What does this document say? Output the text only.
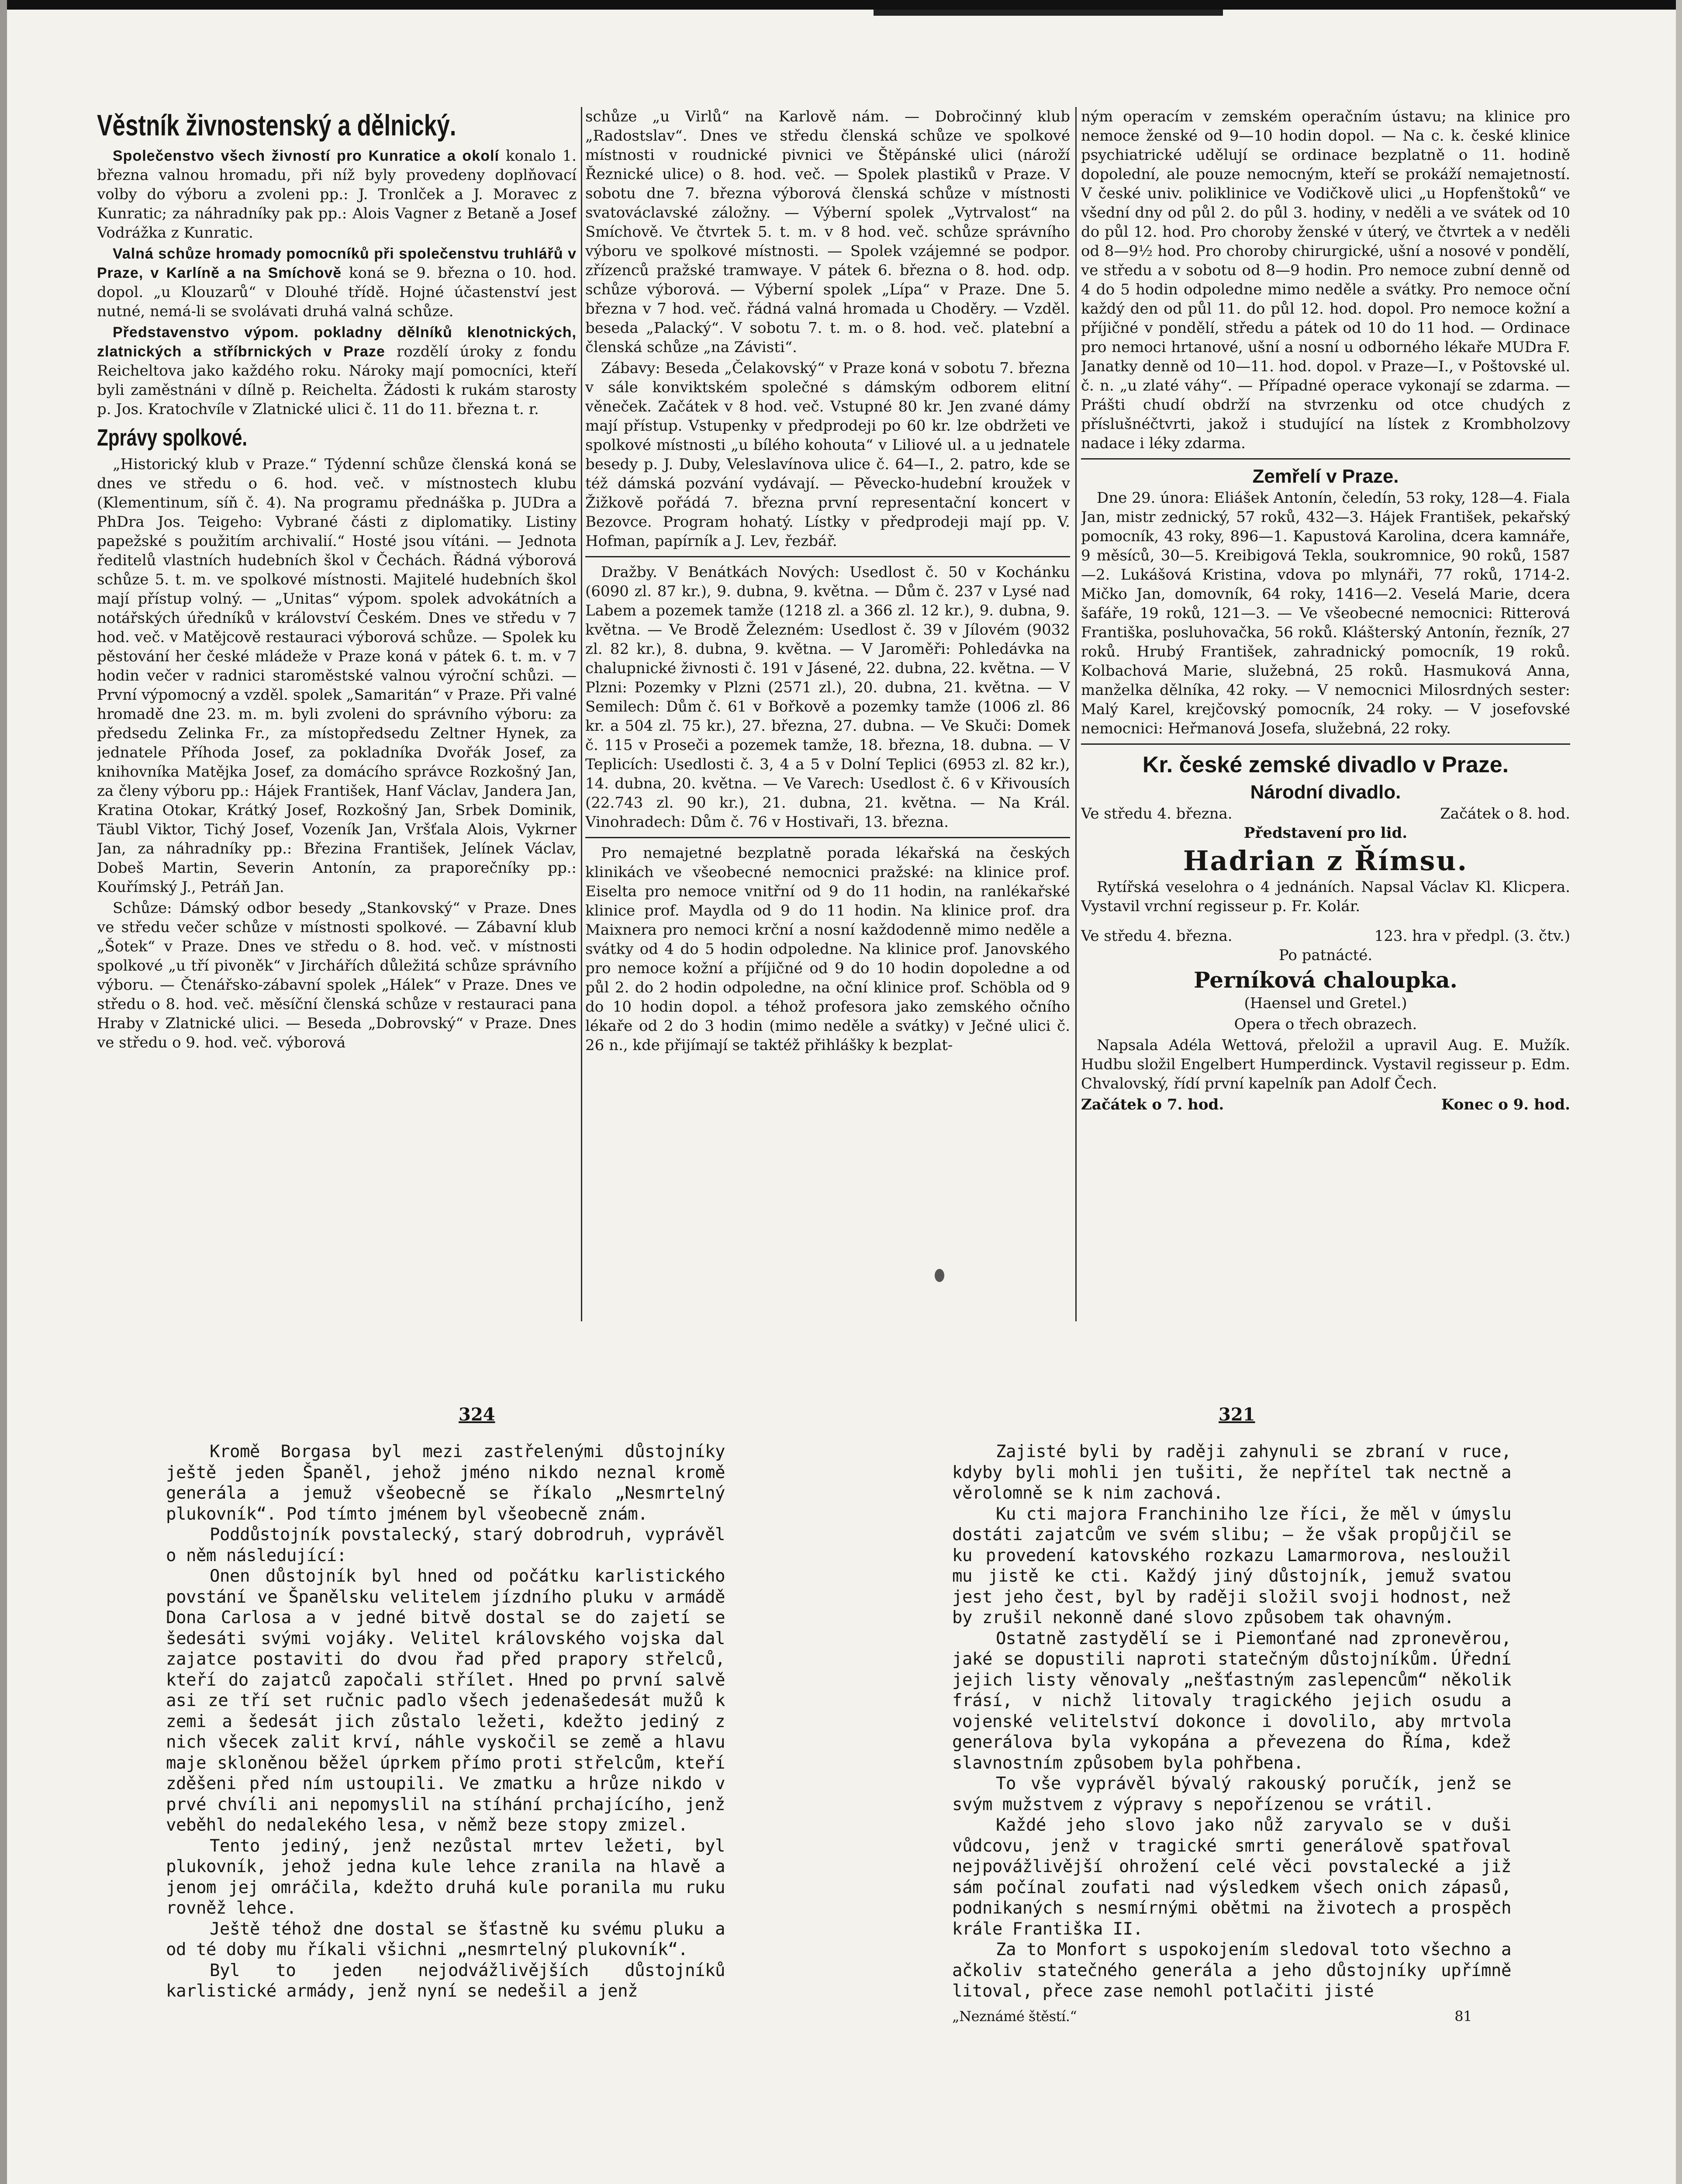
Věstník živnostenský a dělnický.

Společenstvo všech živností pro Kunratice a okolí konalo 1. března valnou hromadu, při níž byly provedeny doplňovací volby do výboru a zvoleni pp.: J. Tronlček a J. Moravec z Kunratic; za náhradníky pak pp.: Alois Vagner z Betaně a Josef Vodrážka z Kunratic.

Valná schůze hromady pomocníků při společenstvu truhlářů v Praze, v Karlíně a na Smíchově koná se 9. března o 10. hod. dopol. „u Klouzarů“ v Dlouhé třídě. Hojné účastenství jest nutné, nemá-li se svolávati druhá valná schůze.

Představenstvo výpom. pokladny dělníků klenotnických, zlatnických a stříbrnických v Praze rozdělí úroky z fondu Reicheltova jako každého roku. Nároky mají pomocníci, kteří byli zaměstnáni v dílně p. Reichelta. Žádosti k rukám starosty p. Jos. Kratochvíle v Zlatnické ulici č. 11 do 11. března t. r.

Zprávy spolkové.

„Historický klub v Praze.“ Týdenní schůze členská koná se dnes ve středu o 6. hod. več. v místnostech klubu (Klementinum, síň č. 4). Na programu přednáška p. JUDra a PhDra Jos. Teigeho: Vybrané části z diplomatiky. Listiny papežské s použitím archivalií.“ Hosté jsou vítáni. — Jednota ředitelů vlastních hudebních škol v Čechách. Řádná výborová schůze 5. t. m. ve spolkové místnosti. Majitelé hudebních škol mají přístup volný. — „Unitas“ výpom. spolek advokátních a notářských úředníků v království Českém. Dnes ve středu v 7 hod. več. v Matějcově restauraci výborová schůze. — Spolek ku pěstování her české mládeže v Praze koná v pátek 6. t. m. v 7 hodin večer v radnici staroměstské valnou výroční schůzi. — První výpomocný a vzděl. spolek „Samaritán“ v Praze. Při valné hromadě dne 23. m. m. byli zvoleni do správního výboru: za předsedu Zelinka Fr., za místopředsedu Zeltner Hynek, za jednatele Příhoda Josef, za pokladníka Dvořák Josef, za knihovníka Matějka Josef, za domácího správce Rozkošný Jan, za členy výboru pp.: Hájek František, Hanf Václav, Jandera Jan, Kratina Otokar, Krátký Josef, Rozkošný Jan, Srbek Dominik, Täubl Viktor, Tichý Josef, Vozeník Jan, Vršťala Alois, Vykrner Jan, za náhradníky pp.: Březina František, Jelínek Václav, Dobeš Martin, Severin Antonín, za praporečníky pp.: Kouřímský J., Petráň Jan.

Schůze: Dámský odbor besedy „Stankovský“ v Praze. Dnes ve středu večer schůze v místnosti spolkové. — Zábavní klub „Šotek“ v Praze. Dnes ve středu o 8. hod. več. v místnosti spolkové „u tří pivoněk“ v Jirchářích důležitá schůze správního výboru. — Čtenářsko-zábavní spolek „Hálek“ v Praze. Dnes ve středu o 8. hod. več. měsíční členská schůze v restauraci pana Hraby v Zlatnické ulici. — Beseda „Dobrovský“ v Praze. Dnes ve středu o 9. hod. več. výborová

schůze „u Virlů“ na Karlově nám. — Dobročinný klub „Radostslav“. Dnes ve středu členská schůze ve spolkové místnosti v roudnické pivnici ve Štěpánské ulici (nároží Řeznické ulice) o 8. hod. več. — Spolek plastiků v Praze. V sobotu dne 7. března výborová členská schůze v místnosti svatováclavské záložny. — Výberní spolek „Vytrvalost“ na Smíchově. Ve čtvrtek 5. t. m. v 8 hod. več. schůze správního výboru ve spolkové místnosti. — Spolek vzájemné se podpor. zřízenců pražské tramwaye. V pátek 6. března o 8. hod. odp. schůze výborová. — Výberní spolek „Lípa“ v Praze. Dne 5. března v 7 hod. več. řádná valná hromada u Choděry. — Vzděl. beseda „Palacký“. V sobotu 7. t. m. o 8. hod. več. platební a členská schůze „na Závisti“.

Zábavy: Beseda „Čelakovský“ v Praze koná v sobotu 7. března v sále konviktském společné s dámským odborem elitní věneček. Začátek v 8 hod. več. Vstupné 80 kr. Jen zvané dámy mají přístup. Vstupenky v předprodeji po 60 kr. lze obdržeti ve spolkové místnosti „u bílého kohouta“ v Liliové ul. a u jednatele besedy p. J. Duby, Veleslavínova ulice č. 64—I., 2. patro, kde se též dámská pozvání vydávají. — Pěvecko-hudební kroužek v Žižkově pořádá 7. března první representační koncert v Bezovce. Program hohatý. Lístky v předprodeji mají pp. V. Hofman, papírník a J. Lev, řezbář.

Dražby. V Benátkách Nových: Usedlost č. 50 v Kochánku (6090 zl. 87 kr.), 9. dubna, 9. května. — Dům č. 237 v Lysé nad Labem a pozemek tamže (1218 zl. a 366 zl. 12 kr.), 9. dubna, 9. května. — Ve Brodě Železném: Usedlost č. 39 v Jílovém (9032 zl. 82 kr.), 8. dubna, 9. května. — V Jaroměři: Pohledávka na chalupnické živnosti č. 191 v Jásené, 22. dubna, 22. května. — V Plzni: Pozemky v Plzni (2571 zl.), 20. dubna, 21. května. — V Semilech: Dům č. 61 v Bořkově a pozemky tamže (1006 zl. 86 kr. a 504 zl. 75 kr.), 27. března, 27. dubna. — Ve Skuči: Domek č. 115 v Proseči a pozemek tamže, 18. března, 18. dubna. — V Teplicích: Usedlosti č. 3, 4 a 5 v Dolní Teplici (6953 zl. 82 kr.), 14. dubna, 20. května. — Ve Varech: Usedlost č. 6 v Křivousích (22.743 zl. 90 kr.), 21. dubna, 21. května. — Na Král. Vinohradech: Dům č. 76 v Hostivaři, 13. března.

Pro nemajetné bezplatně porada lékařská na českých klinikách ve všeobecné nemocnici pražské: na klinice prof. Eiselta pro nemoce vnitřní od 9 do 11 hodin, na ranlékařské klinice prof. Maydla od 9 do 11 hodin. Na klinice prof. dra Maixnera pro nemoci krční a nosní každodenně mimo neděle a svátky od 4 do 5 hodin odpoledne. Na klinice prof. Janovského pro nemoce kožní a příjičné od 9 do 10 hodin dopoledne a od půl 2. do 2 hodin odpoledne, na oční klinice prof. Schöbla od 9 do 10 hodin dopol. a téhož profesora jako zemského očního lékaře od 2 do 3 hodin (mimo neděle a svátky) v Ječné ulici č. 26 n., kde přijímají se taktéž přihlášky k bezplat-

ným operacím v zemském operačním ústavu; na klinice pro nemoce ženské od 9—10 hodin dopol. — Na c. k. české klinice psychiatrické udělují se ordinace bezplatně o 11. hodině dopolední, ale pouze nemocným, kteří se prokáží nemajetností. V české univ. poliklinice ve Vodičkově ulici „u Hopfenštoků“ ve všední dny od půl 2. do půl 3. hodiny, v neděli a ve svátek od 10 do půl 12. hod. Pro choroby ženské v úterý, ve čtvrtek a v neděli od 8—9½ hod. Pro choroby chirurgické, ušní a nosové v pondělí, ve středu a v sobotu od 8—9 hodin. Pro nemoce zubní denně od 4 do 5 hodin odpoledne mimo neděle a svátky. Pro nemoce oční každý den od půl 11. do půl 12. hod. dopol. Pro nemoce kožní a příjičné v pondělí, středu a pátek od 10 do 11 hod. — Ordinace pro nemoci hrtanové, ušní a nosní u odborného lékaře MUDra F. Janatky denně od 10—11. hod. dopol. v Praze—I., v Poštovské ul. č. n. „u zlaté váhy“. — Případné operace vykonají se zdarma. — Prášti chudí obdrží na stvrzenku od otce chudých z příslušnéčtvrti, jakož i studující na lístek z Krombholzovy nadace i léky zdarma.

Zemřelí v Praze.

Dne 29. února: Eliášek Antonín, čeledín, 53 roky, 128—4. Fiala Jan, mistr zednický, 57 roků, 432—3. Hájek František, pekařský pomocník, 43 roky, 896—1. Kapustová Karolina, dcera kamnáře, 9 měsíců, 30—5. Kreibigová Tekla, soukromnice, 90 roků, 1587—2. Lukášová Kristina, vdova po mlynáři, 77 roků, 1714-2. Mičko Jan, domovník, 64 roky, 1416—2. Veselá Marie, dcera šafáře, 19 roků, 121—3. — Ve všeobecné nemocnici: Ritterová Františka, posluhovačka, 56 roků. Klášterský Antonín, řezník, 27 roků. Hrubý František, zahradnický pomocník, 19 roků. Kolbachová Marie, služebná, 25 roků. Hasmuková Anna, manželka dělníka, 42 roky. — V nemocnici Milosrdných sester: Malý Karel, krejčovský pomocník, 24 roky. — V josefovské nemocnici: Heřmanová Josefa, služebná, 22 roky.

Kr. české zemské divadlo v Praze.
Národní divadlo.
Ve středu 4. března.	Začátek o 8. hod.

Představení pro lid.

Hadrian z Římsu.

Rytířská veselohra o 4 jednáních. Napsal Václav Kl. Klicpera. Vystavil vrchní regisseur p. Fr. Kolár.

Ve středu 4. března.	123. hra v předpl. (3. čtv.)

Po patnácté.

Perníková chaloupka.

(Haensel und Gretel.)

Opera o třech obrazech.

Napsala Adéla Wettová, přeložil a upravil Aug. E. Mužík. Hudbu složil Engelbert Humperdinck. Vystavil regisseur p. Edm. Chvalovský, řídí první kapelník pan Adolf Čech.

Začátek o 7. hod.	Konec o 9. hod.
324	321

Kromě Borgasa byl mezi zastřelenými důstojníky ještě jeden Španěl, jehož jméno nikdo neznal kromě generála a jemuž všeobecně se říkalo „Nesmrtelný plukovník“. Pod tímto jménem byl všeobecně znám.

Poddůstojník povstalecký, starý dobrodruh, vyprávěl o něm následující:

Onen důstojník byl hned od počátku karlistického povstání ve Španělsku velitelem jízdního pluku v armádě Dona Carlosa a v jedné bitvě dostal se do zajetí se šedesáti svými vojáky. Velitel královského vojska dal zajatce postaviti do dvou řad před prapory střelců, kteří do zajatců započali střílet. Hned po první salvě asi ze tří set ručnic padlo všech jedenašedesát mužů k zemi a šedesát jich zůstalo ležeti, kdežto jediný z nich všecek zalit krví, náhle vyskočil se země a hlavu maje skloněnou běžel úprkem přímo proti střelcům, kteří zděšeni před ním ustoupili. Ve zmatku a hrůze nikdo v prvé chvíli ani nepomyslil na stíhání prchajícího, jenž veběhl do nedalekého lesa, v němž beze stopy zmizel.

Tento jediný, jenž nezůstal mrtev ležeti, byl plukovník, jehož jedna kule lehce zranila na hlavě a jenom jej omráčila, kdežto druhá kule poranila mu ruku rovněž lehce.

Ještě téhož dne dostal se šťastně ku svému pluku a od té doby mu říkali všichni „nesmrtelný plukovník“.

Byl to jeden nejodvážlivějších důstojníků karlistické armády, jenž nyní se nedešil a jenž

Zajisté byli by raději zahynuli se zbraní v ruce, kdyby byli mohli jen tušiti, že nepřítel tak nectně a věrolomně se k nim zachová.

Ku cti majora Franchiniho lze říci, že měl v úmyslu dostáti zajatcům ve svém slibu; — že však propůjčil se ku provedení katovského rozkazu Lamarmorova, nesloužil mu jistě ke cti. Každý jiný důstojník, jemuž svatou jest jeho čest, byl by raději složil svoji hodnost, než by zrušil nekonně dané slovo způsobem tak ohavným.

Ostatně zastydělí se i Piemonťané nad zpronevěrou, jaké se dopustili naproti statečným důstojníkům. Úřední jejich listy věnovaly „nešťastným zaslepencům“ několik frásí, v nichž litovaly tragického jejich osudu a vojenské velitelství dokonce i dovolilo, aby mrtvola generálova byla vykopána a převezena do Říma, kdež slavnostním způsobem byla pohřbena.

To vše vyprávěl bývalý rakouský poručík, jenž se svým mužstvem z výpravy s nepořízenou se vrátil.

Každé jeho slovo jako nůž zaryvalo se v duši vůdcovu, jenž v tragické smrti generálově spatřoval nejpovážlivější ohrožení celé věci povstalecké a již sám počínal zoufati nad výsledkem všech onich zápasů, podnikaných s nesmírnými obětmi na životech a prospěch krále Františka II.

Za to Monfort s uspokojením sledoval toto všechno a ačkoliv statečného generála a jeho důstojníky upřímně litoval, přece zase nemohl potlačiti jisté

„Neznámé štěstí.“	81
